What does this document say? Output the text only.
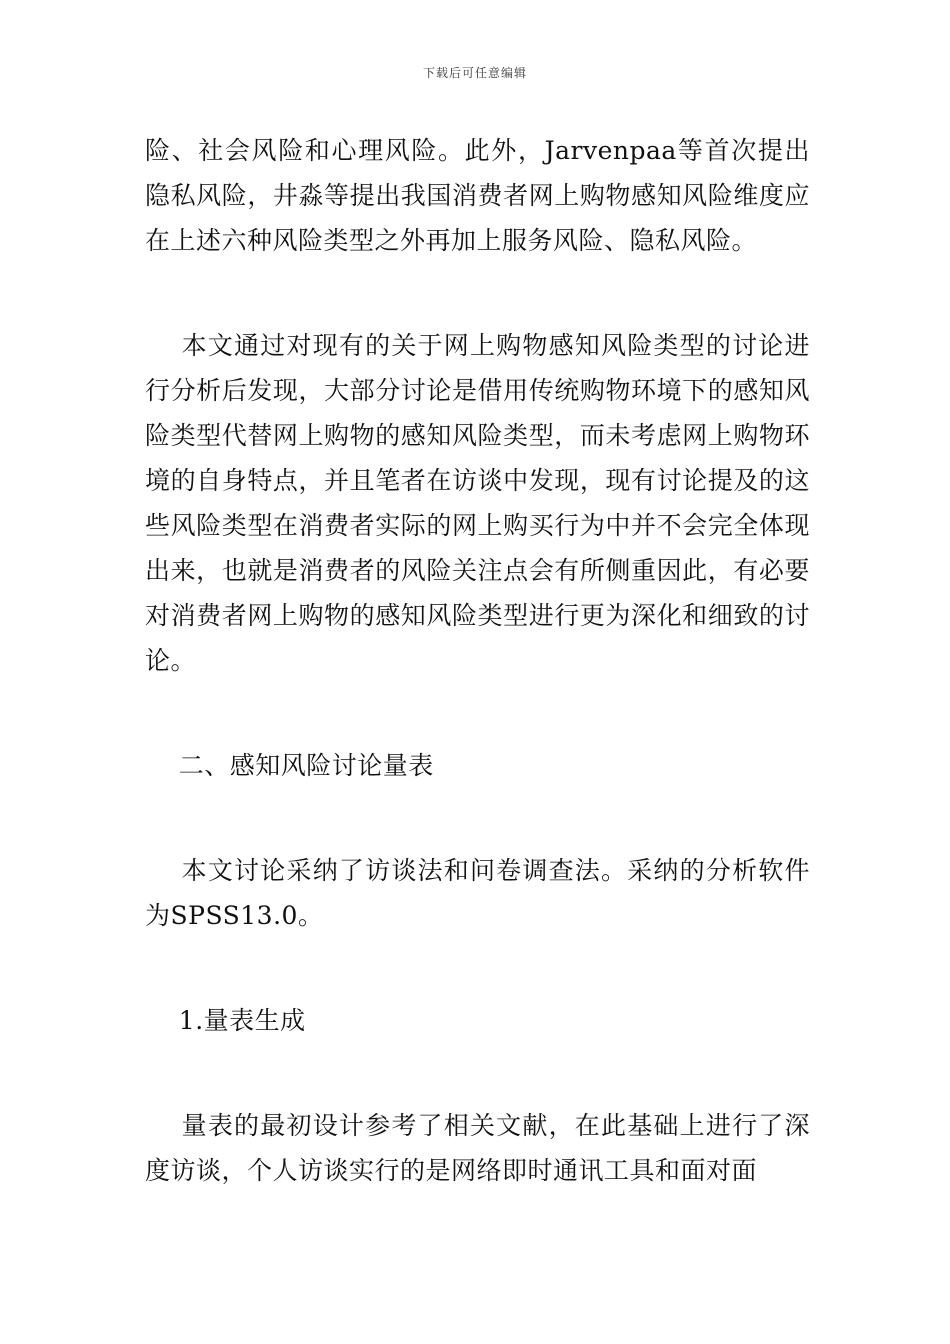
下载后可任意编辑

险、社会风险和心理风险。此外，Jarvenpaa等首次提出隐私风险，井淼等提出我国消费者网上购物感知风险维度应在上述六种风险类型之外再加上服务风险、隐私风险。

本文通过对现有的关于网上购物感知风险类型的讨论进行分析后发现，大部分讨论是借用传统购物环境下的感知风险类型代替网上购物的感知风险类型，而未考虑网上购物环境的自身特点，并且笔者在访谈中发现，现有讨论提及的这些风险类型在消费者实际的网上购买行为中并不会完全体现出来，也就是消费者的风险关注点会有所侧重因此，有必要对消费者网上购物的感知风险类型进行更为深化和细致的讨论。

二、感知风险讨论量表

本文讨论采纳了访谈法和问卷调查法。采纳的分析软件为SPSS13.0。

1.量表生成

量表的最初设计参考了相关文献，在此基础上进行了深度访谈，个人访谈实行的是网络即时通讯工具和面对面
